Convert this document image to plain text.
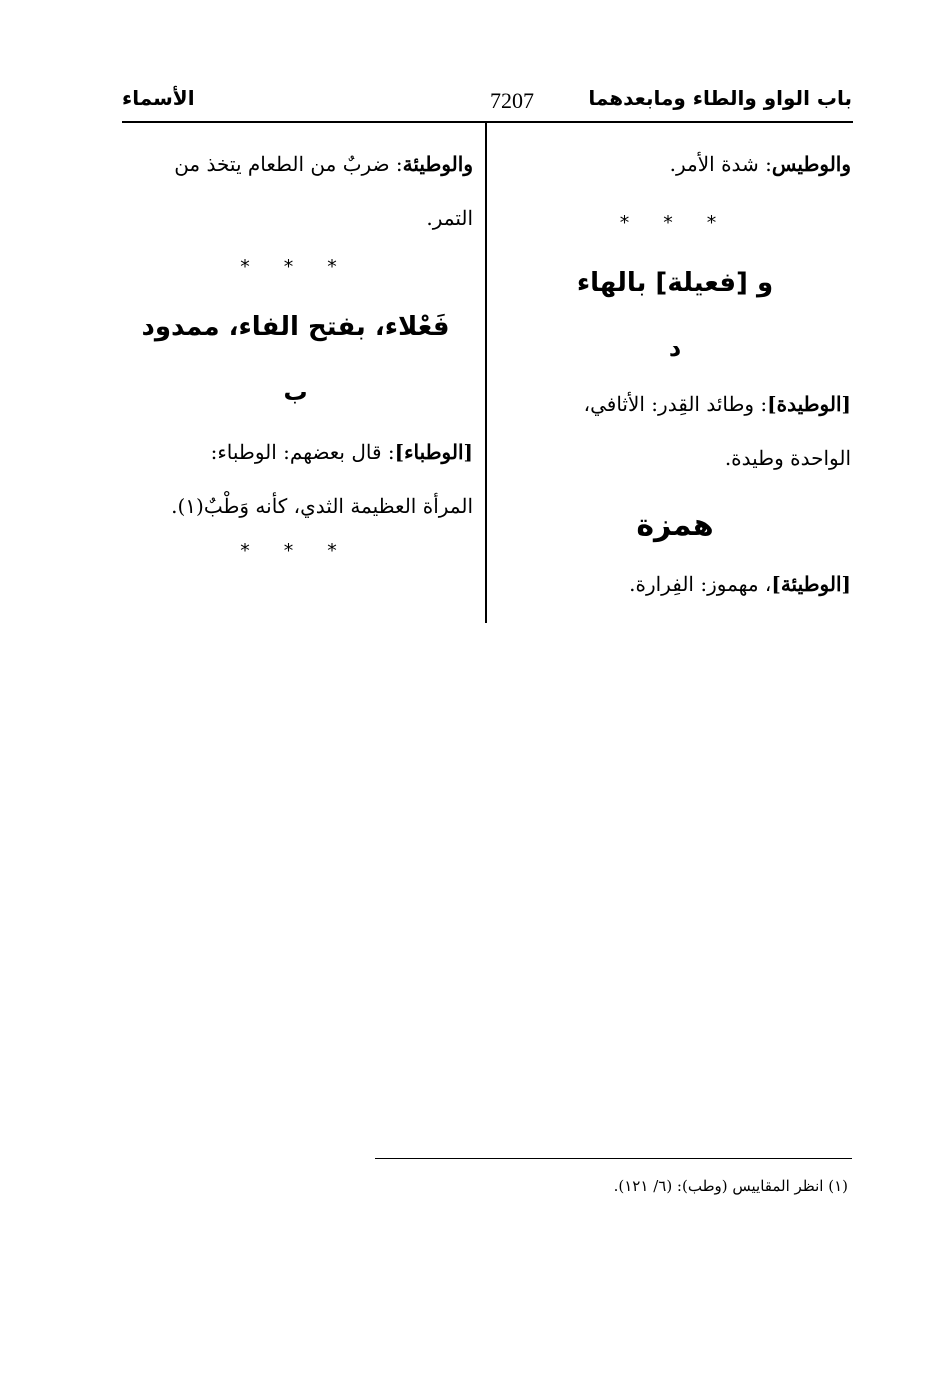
باب الواو والطاء ومابعدهما
7207
الأسماء
والوطيس: شدة الأمر.
* * *
و [فعيلة] بالهاء
د
[الوطيدة]: وطائد القِدر: الأثافي،
الواحدة وطيدة.
همزة
[الوطيئة]، مهموز: الفِرارة.
والوطيئة: ضربٌ من الطعام يتخذ من
التمر.
* * *
فَعْلاء، بفتح الفاء، ممدود
ب
[الوطباء]: قال بعضهم: الوطباء:
المرأة العظيمة الثدي، كأنه وَطْبٌ(١).
* * *
(١) انظر المقاييس (وطب): (٦/ ١٢١).
